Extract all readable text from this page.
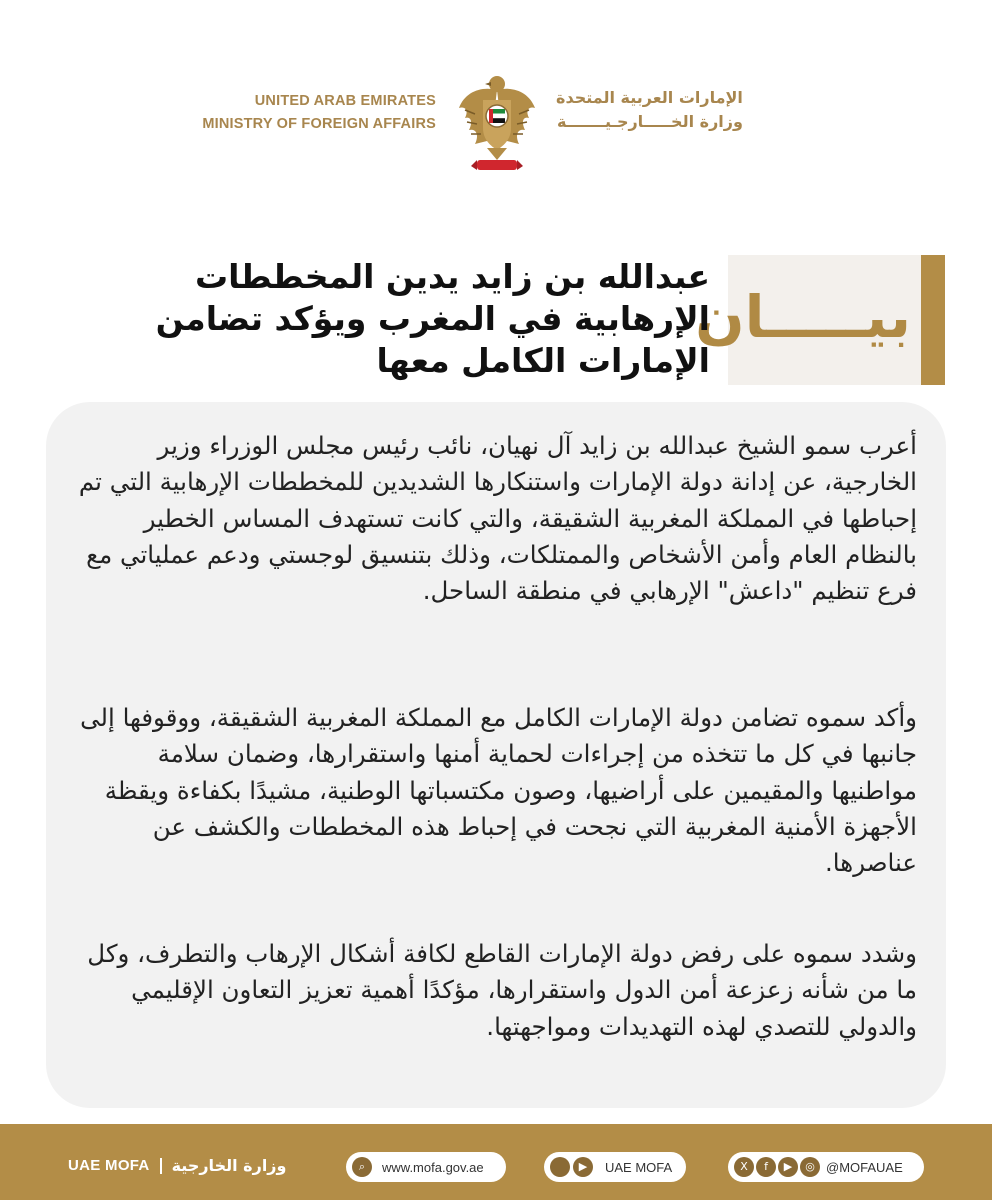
UNITED ARAB EMIRATES
MINISTRY OF FOREIGN AFFAIRS
الإمارات العربية المتحدة
وزارة الخـــــارجـيـــــــة
بيـــــان
عبدالله بن زايد يدين المخططات الإرهابية في المغرب ويؤكد تضامن الإمارات الكامل معها

أعرب سمو الشيخ عبدالله بن زايد آل نهيان، نائب رئيس مجلس الوزراء وزير الخارجية، عن إدانة دولة الإمارات واستنكارها الشديدين للمخططات الإرهابية التي تم إحباطها في المملكة المغربية الشقيقة، والتي كانت تستهدف المساس الخطير بالنظام العام وأمن الأشخاص والممتلكات، وذلك بتنسيق لوجستي ودعم عملياتي مع فرع تنظيم "داعش" الإرهابي في منطقة الساحل.

وأكد سموه تضامن دولة الإمارات الكامل مع المملكة المغربية الشقيقة، ووقوفها إلى جانبها في كل ما تتخذه من إجراءات لحماية أمنها واستقرارها، وضمان سلامة مواطنيها والمقيمين على أراضيها، وصون مكتسباتها الوطنية، مشيدًا بكفاءة ويقظة الأجهزة الأمنية المغربية التي نجحت في إحباط هذه المخططات والكشف عن عناصرها.

وشدد سموه على رفض دولة الإمارات القاطع لكافة أشكال الإرهاب والتطرف، وكل ما من شأنه زعزعة أمن الدول واستقرارها، مؤكدًا أهمية تعزيز التعاون الإقليمي والدولي للتصدي لهذه التهديدات ومواجهتها.

UAE MOFA وزارة الخارجية	⌕	www.mofa.gov.ae	▶	UAE MOFA	X	f	▶	◎ @MOFAUAE
